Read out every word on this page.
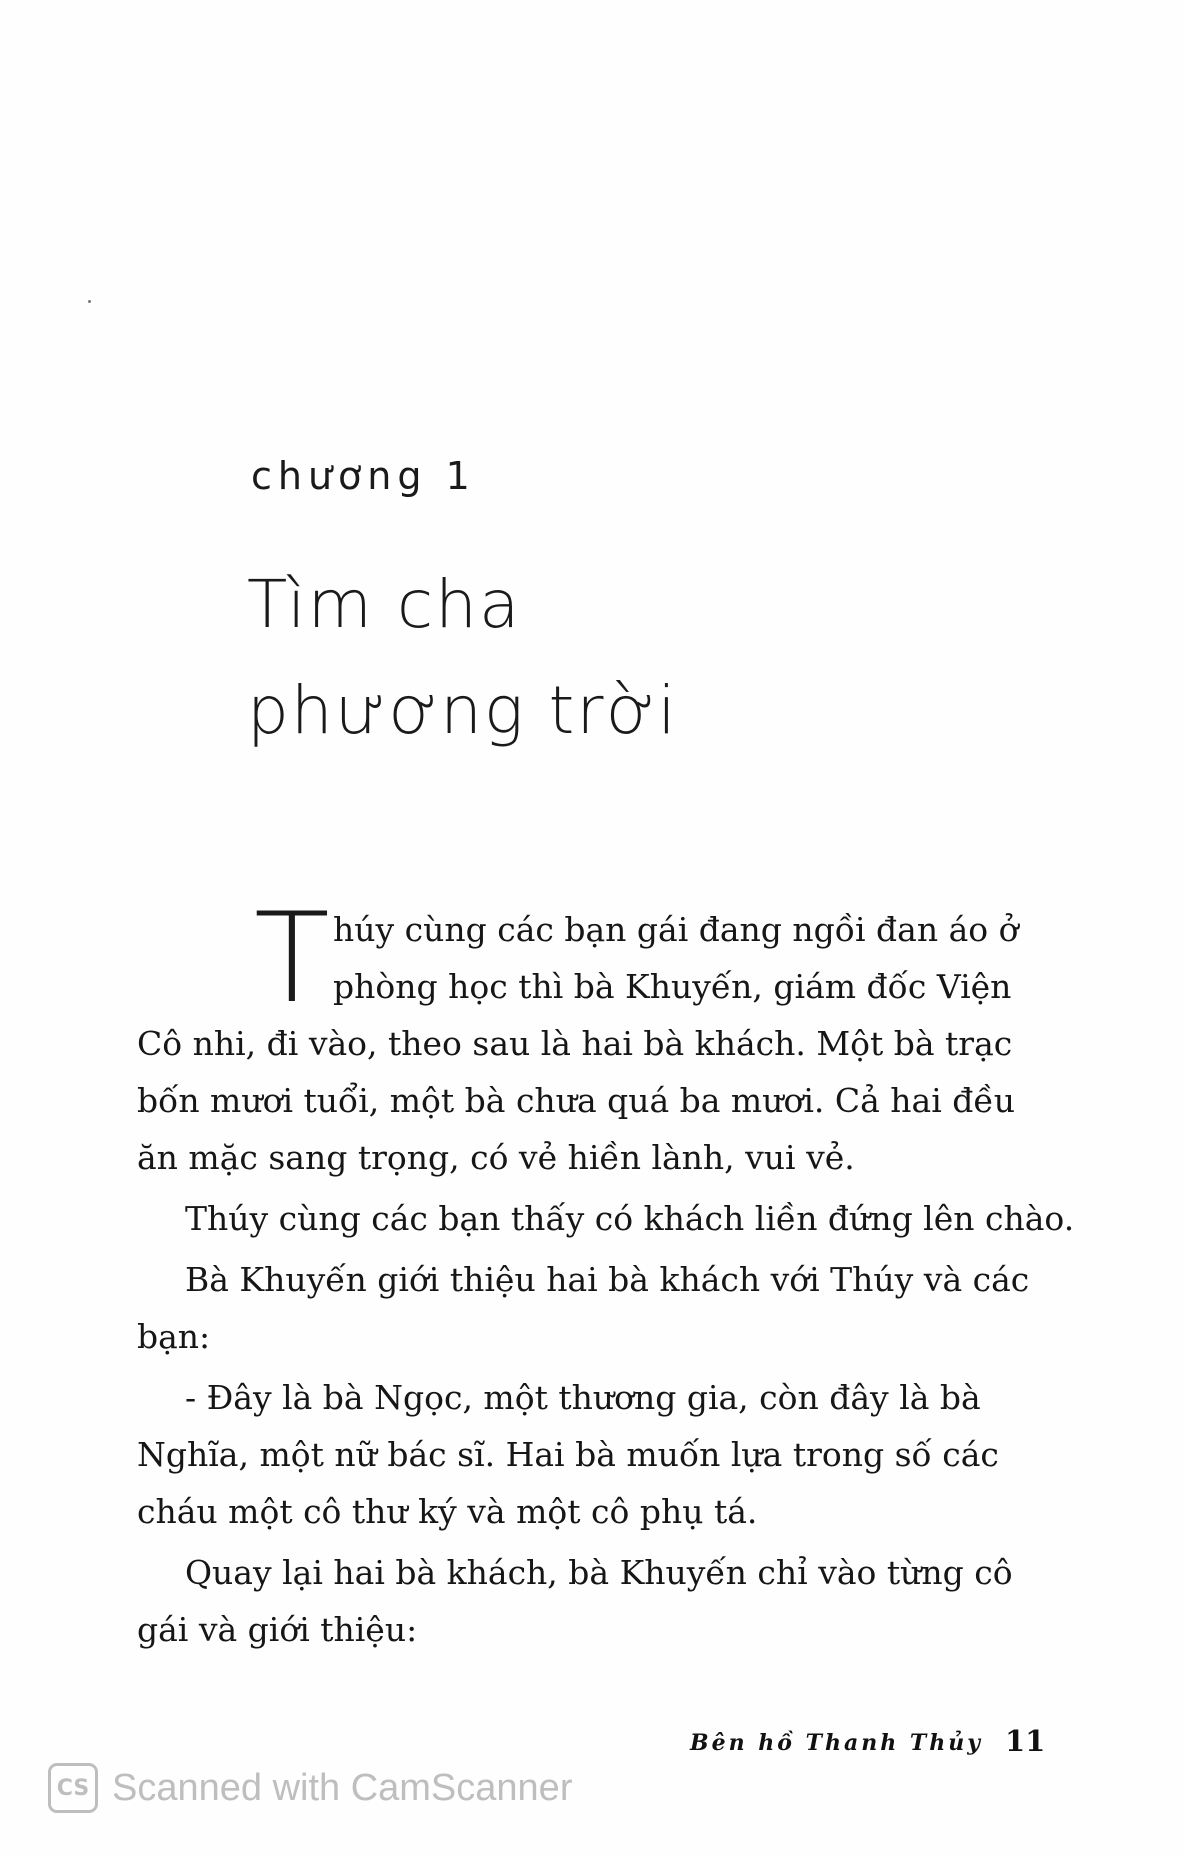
chương 1
Tìm cha
phương trời
T húy cùng các bạn gái đang ngồi đan áo ở
phòng học thì bà Khuyến, giám đốc Viện
Cô nhi, đi vào, theo sau là hai bà khách. Một bà trạc
bốn mươi tuổi, một bà chưa quá ba mươi. Cả hai đều
ăn mặc sang trọng, có vẻ hiền lành, vui vẻ.
Thúy cùng các bạn thấy có khách liền đứng lên chào.
Bà Khuyến giới thiệu hai bà khách với Thúy và các
bạn:
- Đây là bà Ngọc, một thương gia, còn đây là bà
Nghĩa, một nữ bác sĩ. Hai bà muốn lựa trong số các
cháu một cô thư ký và một cô phụ tá.
Quay lại hai bà khách, bà Khuyến chỉ vào từng cô
gái và giới thiệu:
Bên hồ Thanh Thủy 11
CS Scanned with CamScanner
